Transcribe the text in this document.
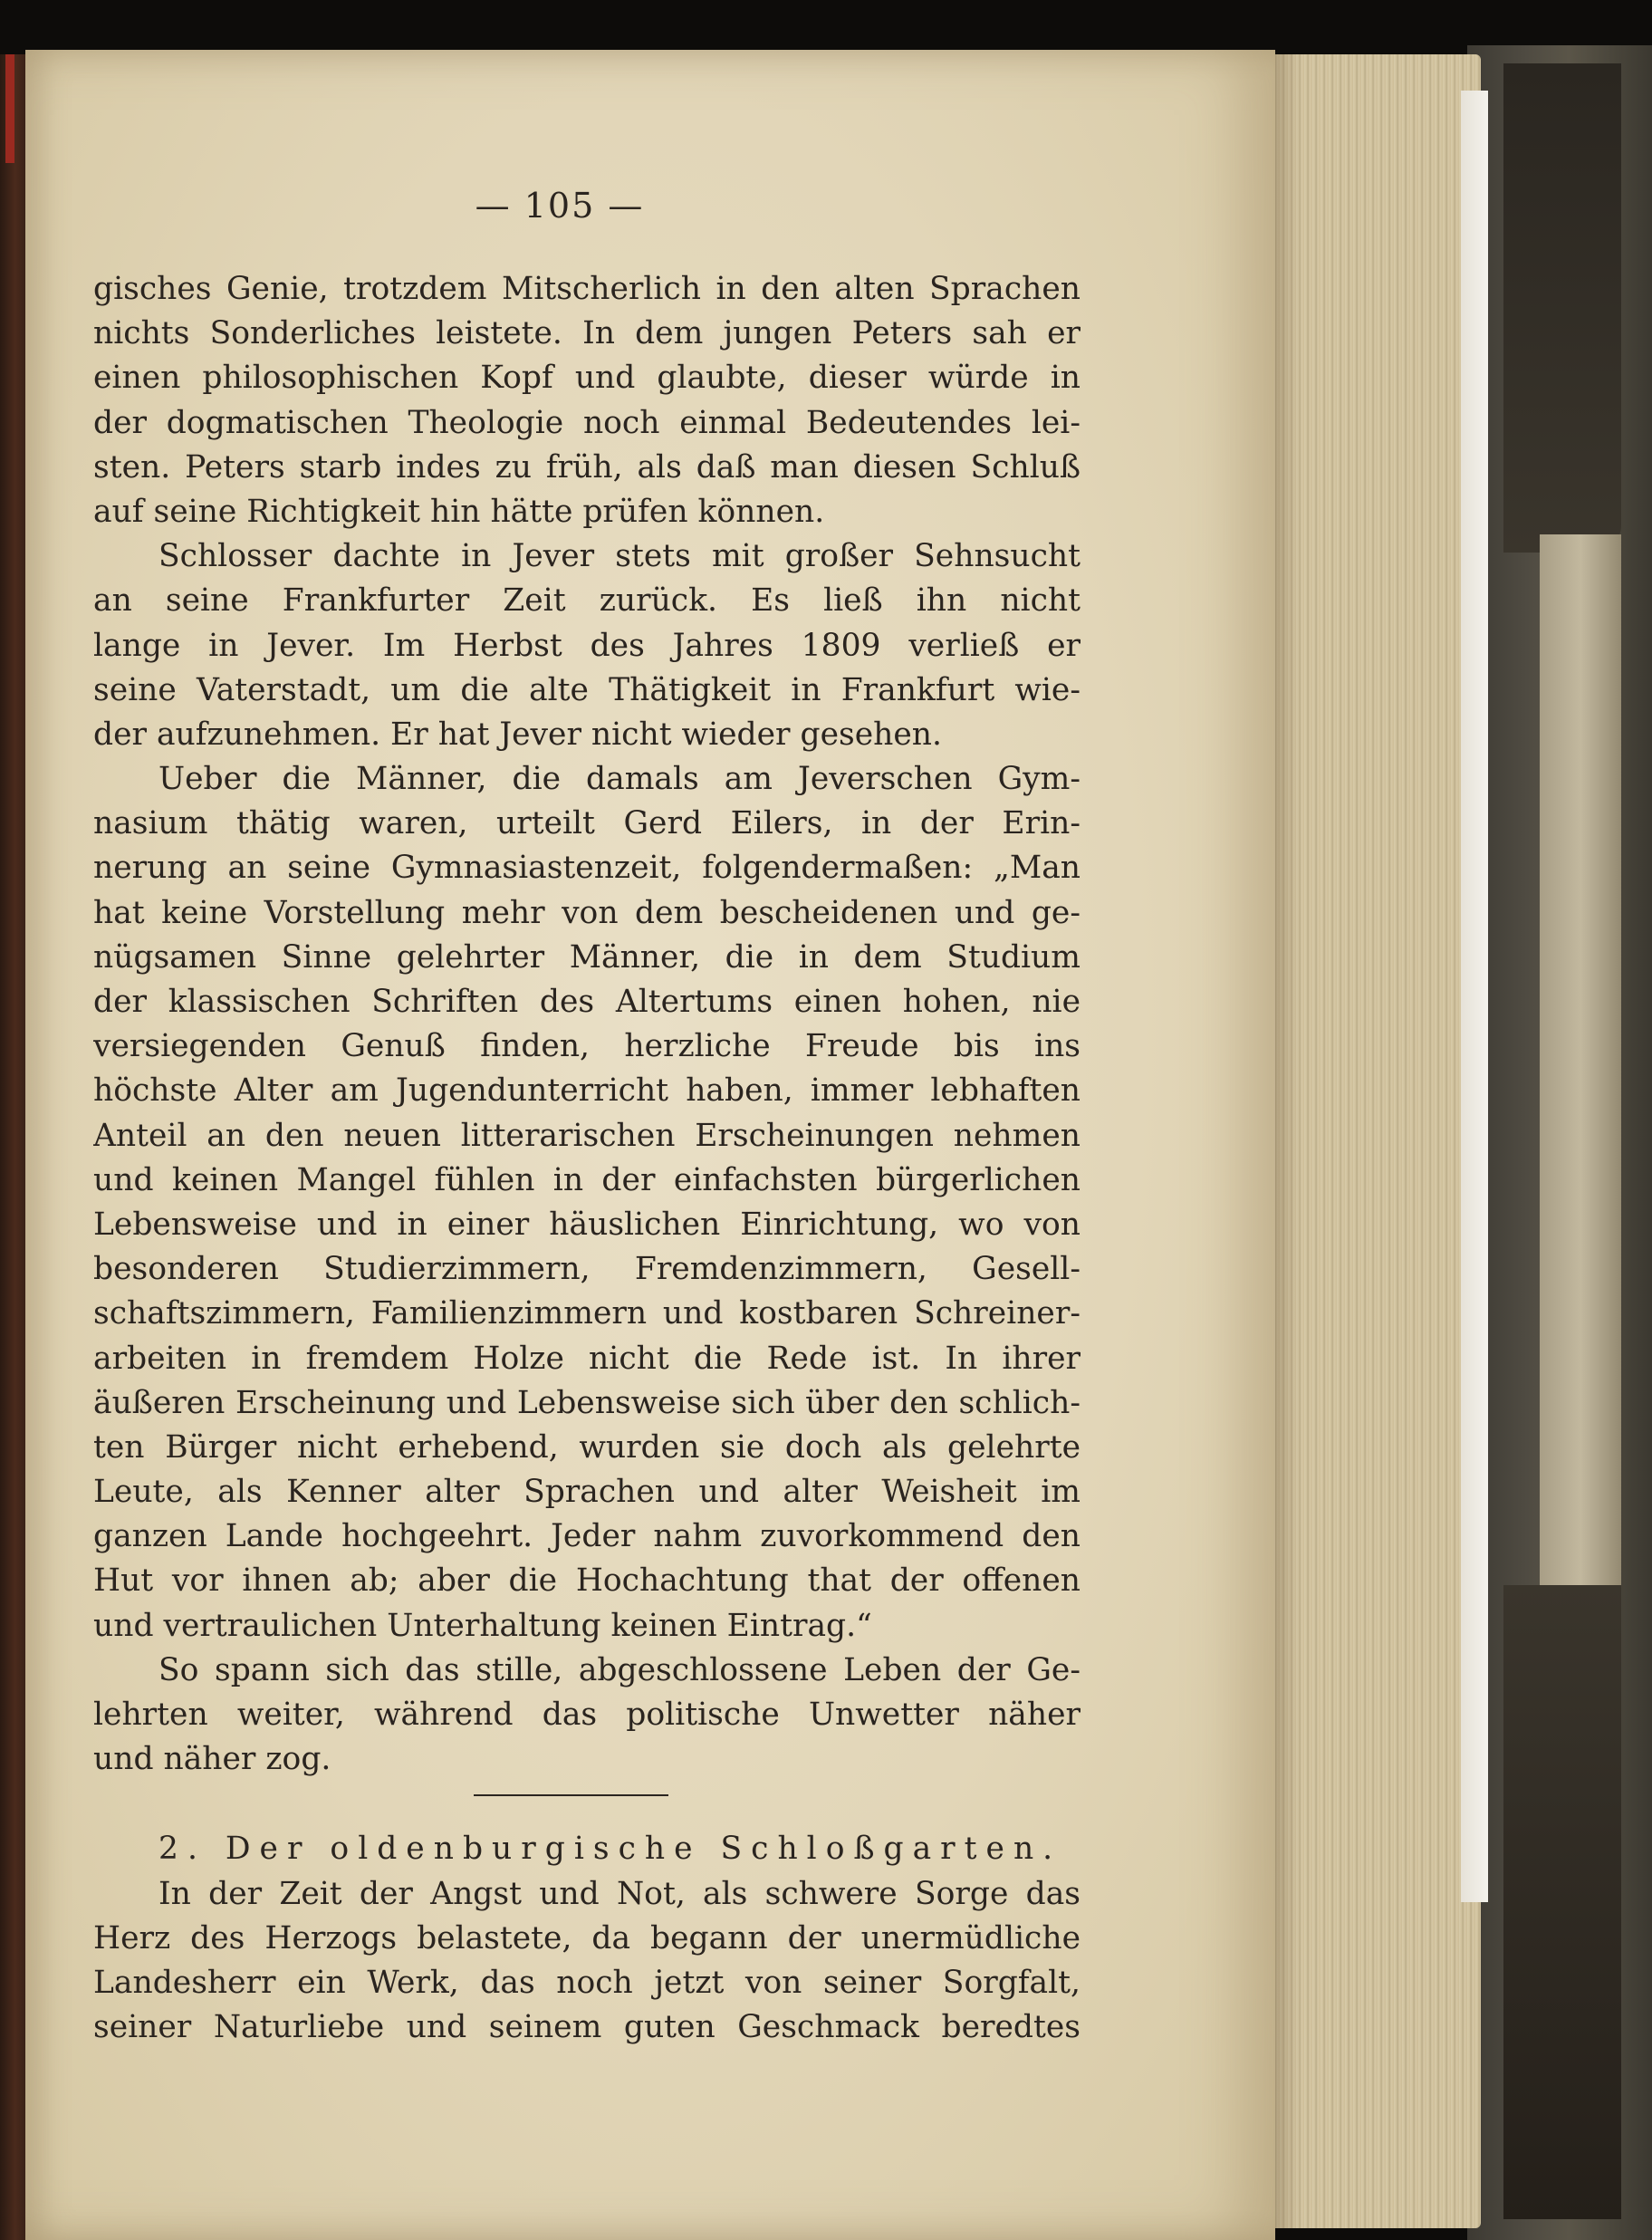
— 105 —
gisches Genie, trotzdem Mitscherlich in den alten Sprachen
nichts Sonderliches leistete. In dem jungen Peters sah er
einen philosophischen Kopf und glaubte, dieser würde in
der dogmatischen Theologie noch einmal Bedeutendes lei-
sten. Peters starb indes zu früh, als daß man diesen Schluß
auf seine Richtigkeit hin hätte prüfen können.
Schlosser dachte in Jever stets mit großer Sehnsucht
an seine Frankfurter Zeit zurück. Es ließ ihn nicht
lange in Jever. Im Herbst des Jahres 1809 verließ er
seine Vaterstadt, um die alte Thätigkeit in Frankfurt wie-
der aufzunehmen. Er hat Jever nicht wieder gesehen.
Ueber die Männer, die damals am Jeverschen Gym-
nasium thätig waren, urteilt Gerd Eilers, in der Erin-
nerung an seine Gymnasiastenzeit, folgendermaßen: „Man
hat keine Vorstellung mehr von dem bescheidenen und ge-
nügsamen Sinne gelehrter Männer, die in dem Studium
der klassischen Schriften des Altertums einen hohen, nie
versiegenden Genuß finden, herzliche Freude bis ins
höchste Alter am Jugendunterricht haben, immer lebhaften
Anteil an den neuen litterarischen Erscheinungen nehmen
und keinen Mangel fühlen in der einfachsten bürgerlichen
Lebensweise und in einer häuslichen Einrichtung, wo von
besonderen Studierzimmern, Fremdenzimmern, Gesell-
schaftszimmern, Familienzimmern und kostbaren Schreiner-
arbeiten in fremdem Holze nicht die Rede ist. In ihrer
äußeren Erscheinung und Lebensweise sich über den schlich-
ten Bürger nicht erhebend, wurden sie doch als gelehrte
Leute, als Kenner alter Sprachen und alter Weisheit im
ganzen Lande hochgeehrt. Jeder nahm zuvorkommend den
Hut vor ihnen ab; aber die Hochachtung that der offenen
und vertraulichen Unterhaltung keinen Eintrag.“
So spann sich das stille, abgeschlossene Leben der Ge-
lehrten weiter, während das politische Unwetter näher
und näher zog.
2. Der oldenburgische Schloßgarten.
In der Zeit der Angst und Not, als schwere Sorge das
Herz des Herzogs belastete, da begann der unermüdliche
Landesherr ein Werk, das noch jetzt von seiner Sorgfalt,
seiner Naturliebe und seinem guten Geschmack beredtes
